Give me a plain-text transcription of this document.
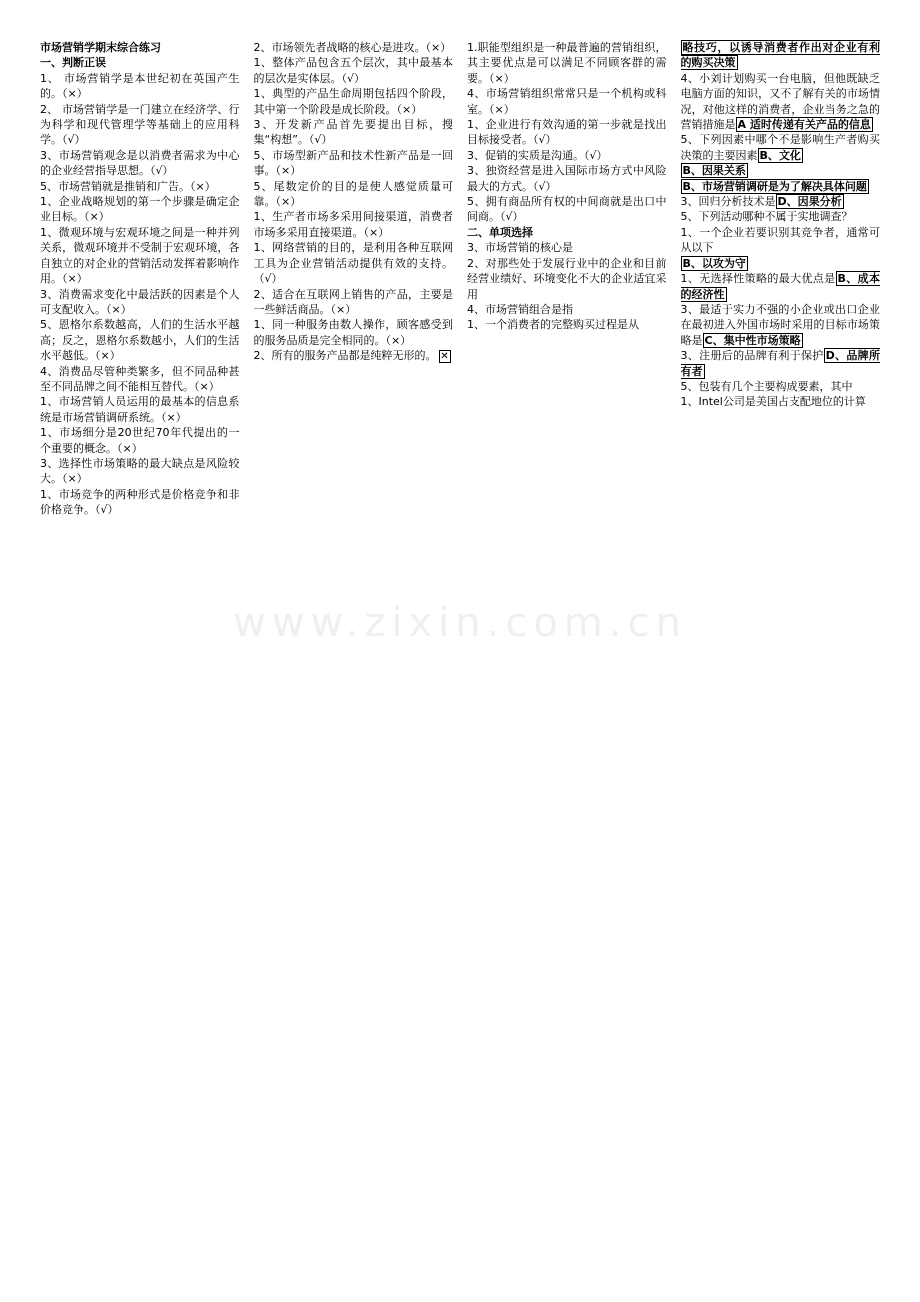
www.zixin.com.cn

市场营销学期末综合练习

一、判断正误

1、 市场营销学是本世纪初在英国产生的。（×）

2、 市场营销学是一门建立在经济学、行为科学和现代管理学等基础上的应用科学。（√）

3、市场营销观念是以消费者需求为中心的企业经营指导思想。（√）

5、市场营销就是推销和广告。（×）

1、企业战略规划的第一个步骤是确定企业目标。（×）

1、微观环境与宏观环境之间是一种并列关系，微观环境并不受制于宏观环境，各自独立的对企业的营销活动发挥着影响作用。（×）

3、消费需求变化中最活跃的因素是个人可支配收入。（×）

5、恩格尔系数越高，人们的生活水平越高；反之，恩格尔系数越小，人们的生活水平越低。（×）

4、消费品尽管种类繁多，但不同品种甚至不同品牌之间不能相互替代。（×）

1、市场营销人员运用的最基本的信息系统是市场营销调研系统。（×）

1、市场细分是20世纪70年代提出的一个重要的概念。（×）

3、选择性市场策略的最大缺点是风险较大。（×）

1、市场竞争的两种形式是价格竞争和非价格竞争。（√）

2、市场领先者战略的核心是进攻。（×）

1、整体产品包含五个层次，其中最基本的层次是实体层。（√）

1、典型的产品生命周期包括四个阶段，其中第一个阶段是成长阶段。（×）

3、开发新产品首先要提出目标，搜集“构想”。（√）

5、市场型新产品和技术性新产品是一回事。（×）

5、尾数定价的目的是使人感觉质量可靠。（×）

1、生产者市场多采用间接渠道，消费者市场多采用直接渠道。（×）

1、网络营销的目的，是利用各种互联网工具为企业营销活动提供有效的支持。（√）

2、适合在互联网上销售的产品，主要是一些鲜活商品。（×）

1、同一种服务由数人操作，顾客感受到的服务品质是完全相同的。（×）

2、所有的服务产品都是纯粹无形的。 ✕

1.职能型组织是一种最普遍的营销组织，其主要优点是可以满足不同顾客群的需要。（×）

4、市场营销组织常常只是一个机构或科室。（×）

1、企业进行有效沟通的第一步就是找出目标接受者。（√）

3、促销的实质是沟通。（√）

3、独资经营是进入国际市场方式中风险最大的方式。（√）

5、拥有商品所有权的中间商就是出口中间商。（√）

二、单项选择

3、市场营销的核心是

2、对那些处于发展行业中的企业和目前经营业绩好、环境变化不大的企业适宜采用

4、市场营销组合是指

1、一个消费者的完整购买过程是从

略技巧，以诱导消费者作出对企业有利的购买决策

4、小刘计划购买一台电脑，但他既缺乏电脑方面的知识，又不了解有关的市场情况，对他这样的消费者，企业当务之急的营销措施是 A 适时传递有关产品的信息

5、下列因素中哪个不是影响生产者购买决策的主要因素 B、文化

B、因果关系

B、市场营销调研是为了解决具体问题

3、回归分析技术是 D、因果分析

5、下列活动哪种不属于实地调查？

1、一个企业若要识别其竞争者，通常可从以下

B、以攻为守

1、无选择性策略的最大优点是 B、成本的经济性

3、最适于实力不强的小企业或出口企业在最初进入外国市场时采用的目标市场策略是 C、集中性市场策略

3、注册后的品牌有利于保护 D、品牌所有者

5、包装有几个主要构成要素，其中

1、Intel公司是美国占支配地位的计算
